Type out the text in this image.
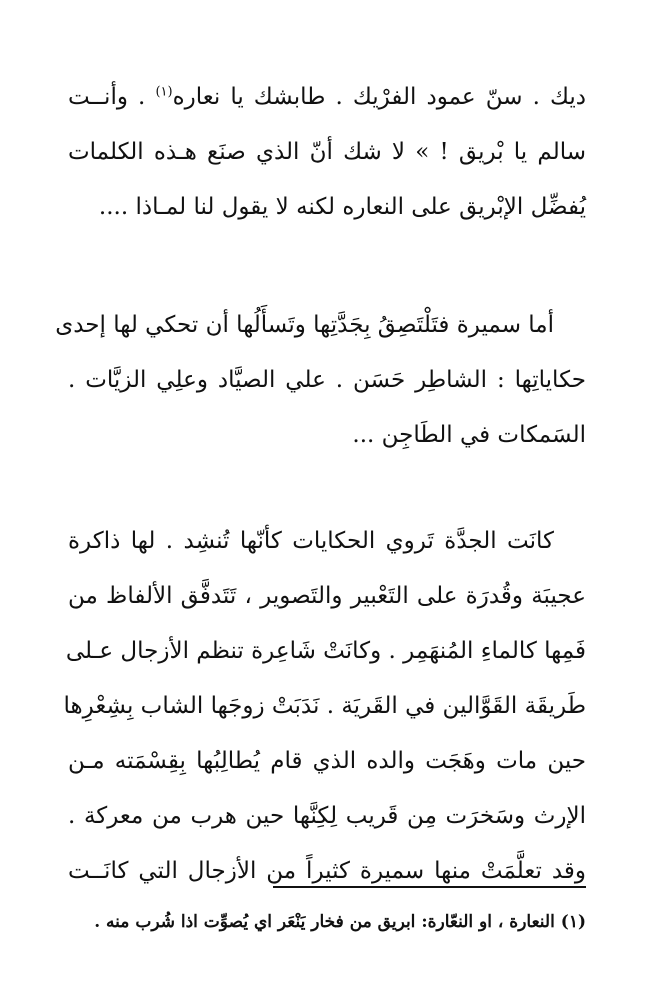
ديك . سنّ عمود الفرْيك . طابشك يا نعاره$^{(١)}$ . وأنــت
سالم يا بْريق ! » لا شك أنّ الذي صنَع هـذه الكلمات
يُفضِّل الإبْريق على النعاره لكنه لا يقول لنا لمـاذا ....

أما سميرة فتَلْتَصِقُ بِجَدَّتِها وتَسأَلُها أن تحكي لها إحدى
حكاياتِها : الشاطِر حَسَن . علي الصيَّاد وعلِي الزيَّات .
السَمكات في الطَاجِن ...

كانَت الجدَّة تَروي الحكايات كأنّها تُنشِد . لها ذاكرة
عجيبَة وقُدرَة على التَعْبير والتَصوير ، تَتَدفَّق الألفاظ من
فَمِها كالماءِ المُنهَمِر . وكانَتْ شَاعِرة تنظم الأزجال عـلى
طَريقَة القَوَّالين في القَريَة . نَدَبَتْ زوجَها الشاب بِشِعْرِها
حين مات وهَجَت والده الذي قام يُطالِبُها بِقِسْمَته مـن
الإرث وسَخرَت مِن قَريب لِكِنَّها حين هرب من معركة .
وقد تعلَّمَتْ منها سميرة كثيراً من الأزجال التي كانَــت

(١) النعارة ، او النعّارة: ابريق من فخار يَنْعَر اي يُصوِّت اذا شُرب منه .
